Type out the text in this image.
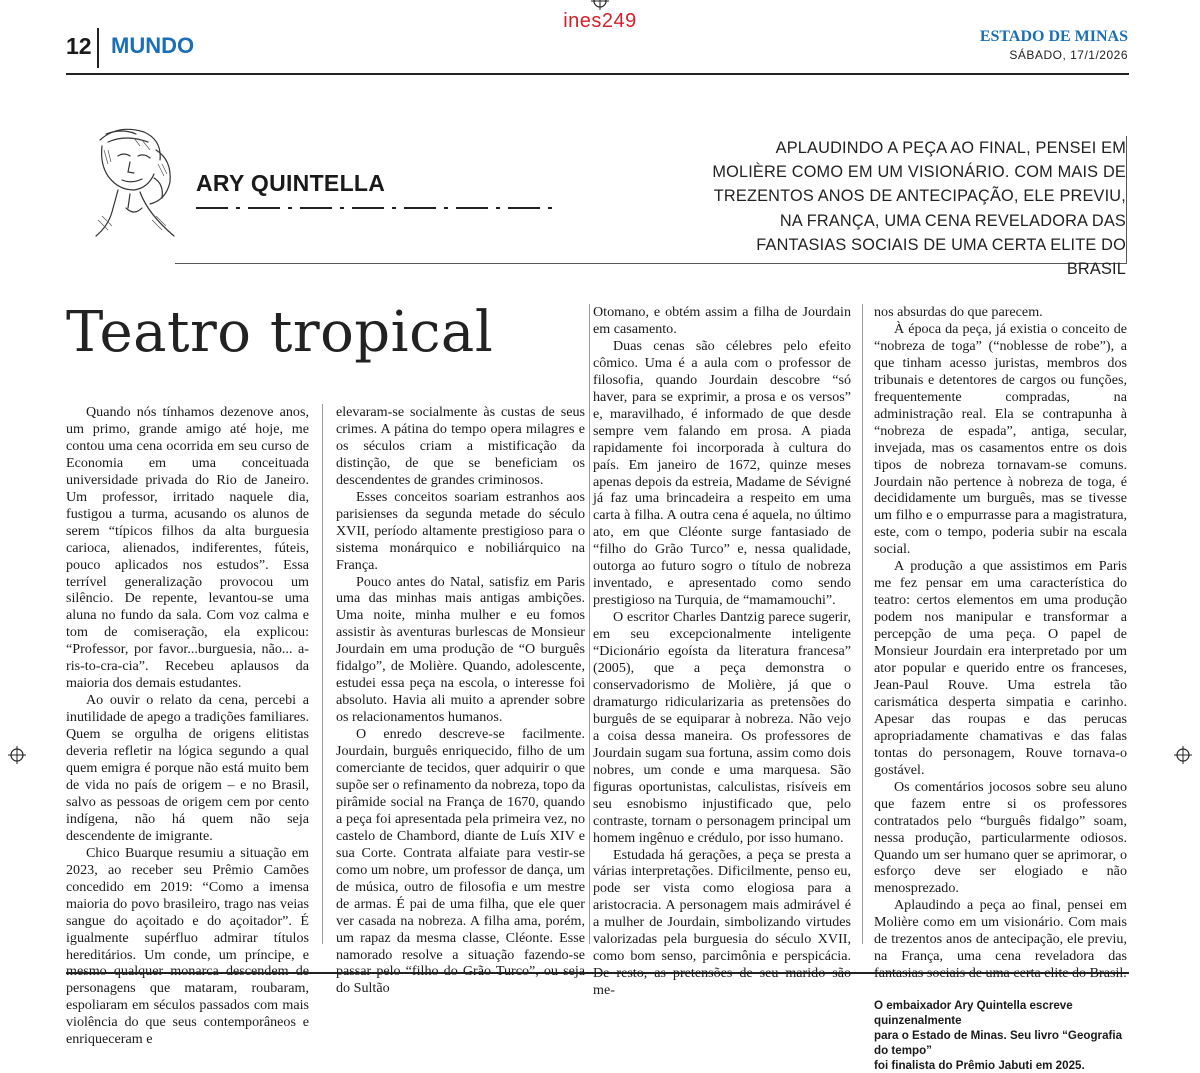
ines249
12 MUNDO	ESTADO DE MINAS
SÁBADO, 17/1/2026
ARY QUINTELLA
APLAUDINDO A PEÇA AO FINAL, PENSEI EM MOLIÈRE COMO EM UM VISIONÁRIO. COM MAIS DE TREZENTOS ANOS DE ANTECIPAÇÃO, ELE PREVIU, NA FRANÇA, UMA CENA REVELADORA DAS FANTASIAS SOCIAIS DE UMA CERTA ELITE DO BRASIL
Teatro tropical

Quando nós tínhamos dezenove anos, um primo, grande amigo até hoje, me contou uma cena ocorrida em seu curso de Economia em uma conceituada universidade privada do Rio de Janeiro. Um professor, irritado naquele dia, fustigou a turma, acusando os alunos de serem “típicos filhos da alta burguesia carioca, alienados, indiferentes, fúteis, pouco aplicados nos estudos”. Essa terrível generalização provocou um silêncio. De repente, levantou-se uma aluna no fundo da sala. Com voz calma e tom de comiseração, ela explicou: “Professor, por favor...burguesia, não... a-ris-to-cra-cia”. Recebeu aplausos da maioria dos demais estudantes.

Ao ouvir o relato da cena, percebi a inutilidade de apego a tradições familiares. Quem se orgulha de origens elitistas deveria refletir na lógica segundo a qual quem emigra é porque não está muito bem de vida no país de origem – e no Brasil, salvo as pessoas de origem cem por cento indígena, não há quem não seja descendente de imigrante.

Chico Buarque resumiu a situação em 2023, ao receber seu Prêmio Camões concedido em 2019: “Como a imensa maioria do povo brasileiro, trago nas veias sangue do açoitado e do açoitador”. É igualmente supérfluo admirar títulos hereditários. Um conde, um príncipe, e personagens que mataram, roubaram, espoliaram em séculos passados com mais violência do que seus contemporâneos e enriqueceram e

elevaram-se socialmente às custas de seus crimes. A pátina do tempo opera milagres e os séculos criam a mistificação da distinção, de que se beneficiam os descendentes de grandes criminosos.

Esses conceitos soariam estranhos aos parisienses da segunda metade do século XVII, período altamente prestigioso para o sistema monárquico e nobiliárquico na França.

Pouco antes do Natal, satisfiz em Paris uma das minhas mais antigas ambições. Uma noite, minha mulher e eu fomos assistir às aventuras burlescas de Monsieur Jourdain em uma produção de “O burguês fidalgo”, de Molière. Quando, adolescente, estudei essa peça na escola, o interesse foi absoluto. Havia ali muito a aprender sobre os relacionamentos humanos.

O enredo descreve-se facilmente. Jourdain, burguês enriquecido, filho de um comerciante de tecidos, quer adquirir o que supõe ser o refinamento da nobreza, topo da pirâmide social na França de 1670, quando a peça foi apresentada pela primeira vez, no castelo de Chambord, diante de Luís XIV e sua Corte. Contrata alfaiate para vestir-se como um nobre, um professor de dança, um de música, outro de filosofia e um mestre de armas. É pai de uma filha, que ele quer ver casada na nobreza. A filha ama, porém, um rapaz da mesma classe, Cléonte. Esse namorado resolve a situação fazendo-se do Sultão

Otomano, e obtém assim a filha de Jourdain em casamento.

Duas cenas são célebres pelo efeito cômico. Uma é a aula com o professor de filosofia, quando Jourdain descobre “só haver, para se exprimir, a prosa e os versos” e, maravilhado, é informado de que desde sempre vem falando em prosa. A piada rapidamente foi incorporada à cultura do país. Em janeiro de 1672, quinze meses apenas depois da estreia, Madame de Sévigné já faz uma brincadeira a respeito em uma carta à filha. A outra cena é aquela, no último ato, em que Cléonte surge fantasiado de “filho do Grão Turco” e, nessa qualidade, outorga ao futuro sogro o título de nobreza inventado, e apresentado como sendo prestigioso na Turquia, de “mamamouchi”.

O escritor Charles Dantzig parece sugerir, em seu excepcionalmente inteligente “Dicionário egoísta da literatura francesa” (2005), que a peça demonstra o conservadorismo de Molière, já que o dramaturgo ridicularizaria as pretensões do burguês de se equiparar à nobreza. Não vejo a coisa dessa maneira. Os professores de Jourdain sugam sua fortuna, assim como dois nobres, um conde e uma marquesa. São figuras oportunistas, calculistas, risíveis em seu esnobismo injustificado que, pelo contraste, tornam o personagem principal um homem ingênuo e crédulo, por isso humano.

Estudada há gerações, a peça se presta a várias interpretações. Dificilmente, penso eu, pode ser vista como elogiosa para a aristocracia. A personagem mais admirável é a mulher de Jourdain, simbolizando virtudes valorizadas pela burguesia do século XVII, como bom senso, parcimônia e perspicácia. me-

nos absurdas do que parecem.

À época da peça, já existia o conceito de “nobreza de toga” (“noblesse de robe”), a que tinham acesso juristas, membros dos tribunais e detentores de cargos ou funções, frequentemente compradas, na administração real. Ela se contrapunha à “nobreza de espada”, antiga, secular, invejada, mas os casamentos entre os dois tipos de nobreza tornavam-se comuns. Jourdain não pertence à nobreza de toga, é decididamente um burguês, mas se tivesse um filho e o empurrasse para a magistratura, este, com o tempo, poderia subir na escala social.

A produção a que assistimos em Paris me fez pensar em uma característica do teatro: certos elementos em uma produção podem nos manipular e transformar a percepção de uma peça. O papel de Monsieur Jourdain era interpretado por um ator popular e querido entre os franceses, Jean-Paul Rouve. Uma estrela tão carismática desperta simpatia e carinho. Apesar das roupas e das perucas apropriadamente chamativas e das falas tontas do personagem, Rouve tornava-o gostável.

Os comentários jocosos sobre seu aluno que fazem entre si os professores contratados pelo “burguês fidalgo” soam, nessa produção, particularmente odiosos. Quando um ser humano quer se aprimorar, o esforço deve ser elogiado e não menosprezado.

Aplaudindo a peça ao final, pensei em Molière como em um visionário. Com mais de trezentos anos de antecipação, ele previu, na França, uma cena reveladora das

O embaixador Ary Quintella escreve quinzenalmente
para o Estado de Minas. Seu livro “Geografia do tempo”
foi finalista do Prêmio Jabuti em 2025.
